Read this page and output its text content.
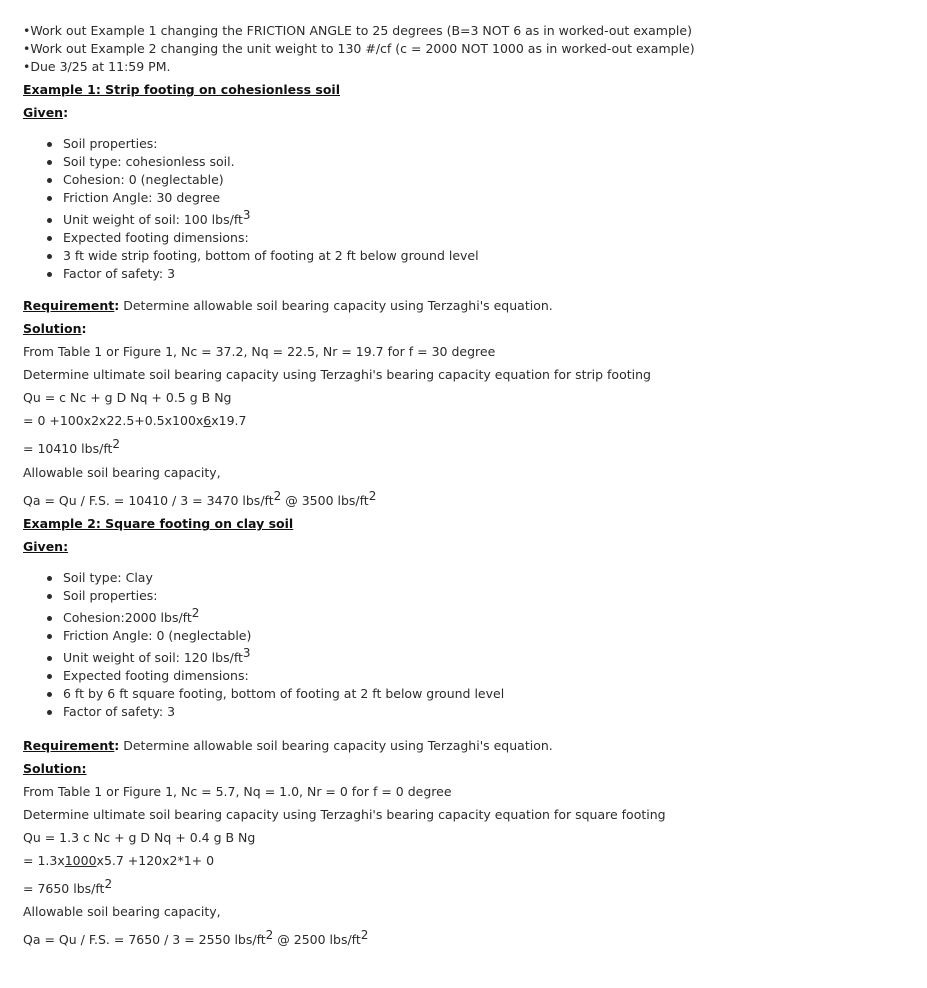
•Work out Example 1 changing the FRICTION ANGLE to 25 degrees (B=3 NOT 6 as in worked-out example)
•Work out Example 2 changing the unit weight to 130 #/cf (c = 2000 NOT 1000 as in worked-out example)
•Due 3/25 at 11:59 PM.
Example 1: Strip footing on cohesionless soil
Given:
Soil properties:
Soil type: cohesionless soil.
Cohesion: 0 (neglectable)
Friction Angle: 30 degree
Unit weight of soil: 100 lbs/$ft^3$
Expected footing dimensions:
3 ft wide strip footing, bottom of footing at 2 ft below ground level
Factor of safety: 3
Requirement: Determine allowable soil bearing capacity using Terzaghi's equation.
Solution:
From Table 1 or Figure 1, Nc = 37.2, Nq = 22.5, Nr = 19.7 for f = 30 degree
Determine ultimate soil bearing capacity using Terzaghi's bearing capacity equation for strip footing
Qu = c Nc + g D Nq + 0.5 g B Ng
= 0 +100x2x22.5+0.5x100x6x19.7
= 10410 lbs/$ft^2$
Allowable soil bearing capacity,
Qa = Qu / F.S. = 10410 / 3 = 3470 lbs/$ft^2$ @ 3500 lbs/$ft^2$
Example 2: Square footing on clay soil
Given:
Soil type: Clay
Soil properties:
Cohesion:2000 lbs/$ft^2$
Friction Angle: 0 (neglectable)
Unit weight of soil: 120 lbs/$ft^3$
Expected footing dimensions:
6 ft by 6 ft square footing, bottom of footing at 2 ft below ground level
Factor of safety: 3
Requirement: Determine allowable soil bearing capacity using Terzaghi's equation.
Solution:
From Table 1 or Figure 1, Nc = 5.7, Nq = 1.0, Nr = 0 for f = 0 degree
Determine ultimate soil bearing capacity using Terzaghi's bearing capacity equation for square footing
Qu = 1.3 c Nc + g D Nq + 0.4 g B Ng
= 1.3x1000x5.7 +120x2*1+ 0
= 7650 lbs/$ft^2$
Allowable soil bearing capacity,
Qa = Qu / F.S. = 7650 / 3 = 2550 lbs/$ft^2$ @ 2500 lbs/$ft^2$
